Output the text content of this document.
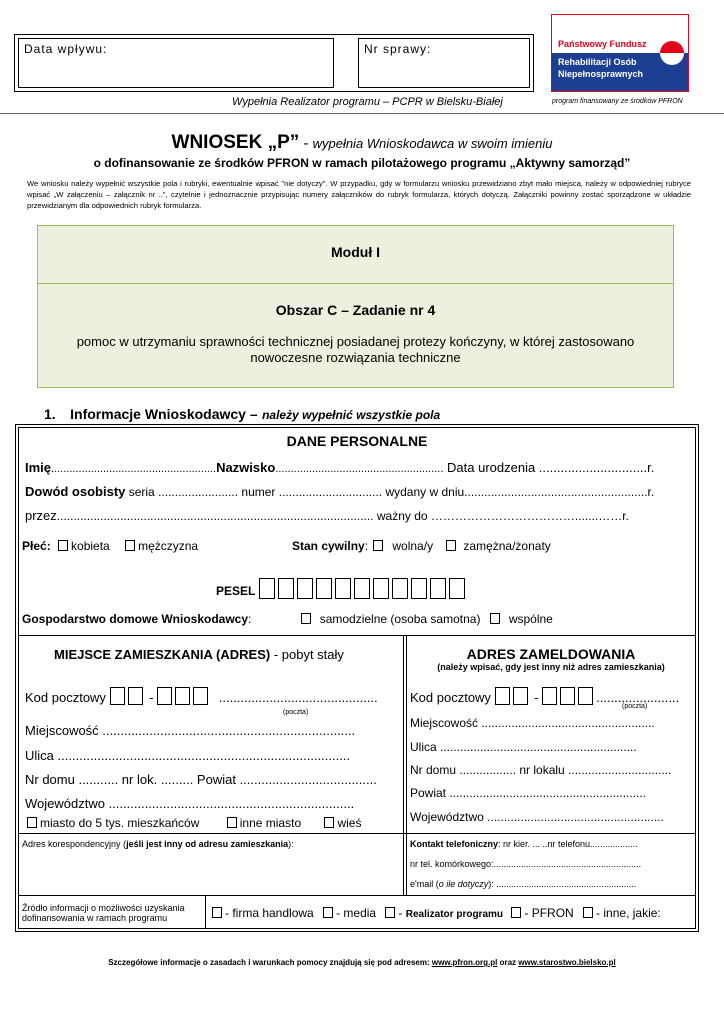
Data wpływu:	Nr sprawy:
Wypełnia Realizator programu – PCPR w Bielsku-Białej
Państwowy Fundusz
Rehabilitacji Osób
Niepełnosprawnych
program finansowany ze środków PFRON
WNIOSEK „P” - wypełnia Wnioskodawca w swoim imieniu
o dofinansowanie ze środków PFRON w ramach pilotażowego programu „Aktywny samorząd”
We wniosku należy wypełnić wszystkie pola i rubryki, ewentualnie wpisać "nie dotyczy". W przypadku, gdy w formularzu wniosku przewidziano zbyt mało miejsca, należy w odpowiedniej rubryce wpisać „W załączeniu – załącznik nr ..”, czytelnie i jednoznacznie przypisując numery załączników do rubryk formularza, których dotyczą. Załączniki powinny zostać sporządzone w układzie przewidzianym dla odpowiednich rubryk formularza.
Moduł I
Obszar C – Zadanie nr 4
pomoc w utrzymaniu sprawności technicznej posiadanej protezy kończyny, w której zastosowano nowoczesne rozwiązania techniczne
1. Informacje Wnioskodawcy – należy wypełnić wszystkie pola
DANE PERSONALNE
Imię......................................................Nazwisko....................................................... Data urodzenia ..............................r.
Dowód osobisty seria ........................ numer ............................... wydany w dniu.......................................................r.
przez............................................................................................... ważny do ……………………………….......……r.
Płeć: kobieta mężczyzna	Stan cywilny: wolna/y	zamężna/żonaty
PESEL
Gospodarstwo domowe Wnioskodawcy:	samodzielne (osoba samotna) wspólne
MIEJSCE ZAMIESZKANIA (ADRES) - pobyt stały
Kod pocztowy	-	............................................
(poczta)
Miejscowość ......................................................................
Ulica .................................................................................
Nr domu ........... nr lok. ......... Powiat ......................................
Województwo ....................................................................
miasto do 5 tys. mieszkańców	inne miasto	wieś
ADRES ZAMELDOWANIA
(należy wpisać, gdy jest inny niż adres zamieszkania)
Kod pocztowy	-	.......................
(poczta)
Miejscowość ....................................................
Ulica ...........................................................
Nr domu ................. nr lokalu ...............................
Powiat ...........................................................
Województwo .....................................................
Adres korespondencyjny (jeśli jest inny od adresu zamieszkania):	Kontakt telefoniczny: nr kier. ... ..nr telefonu...................
nr tel. komórkowego:...........................................................
e'mail (o ile dotyczy): ........................................................
Źródło informacji o możliwości uzyskania dofinansowania w ramach programu	- firma handlowa - media - Realizator programu - PFRON - inne, jakie:
Szczegółowe informacje o zasadach i warunkach pomocy znajdują się pod adresem: www.pfron.org.pl oraz www.starostwo.bielsko.pl
